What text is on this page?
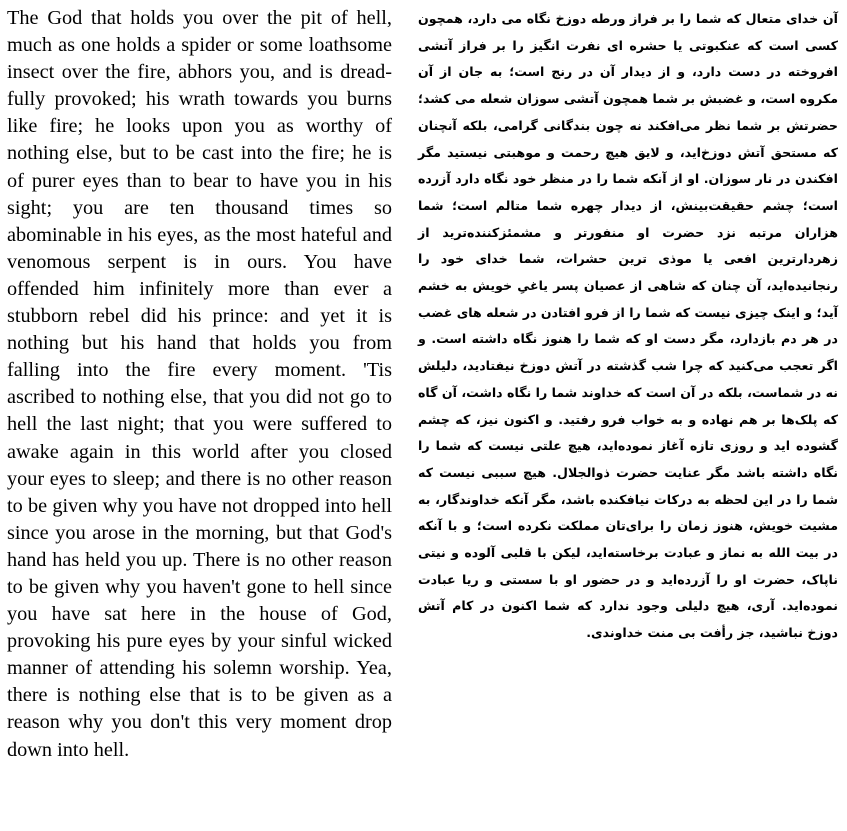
The God that holds you over the pit of hell, much as one holds a spider or some loathsome insect over the fire, abhors you, and is dread-fully provoked; his wrath towards you burns like fire; he looks upon you as worthy of nothing else, but to be cast into the fire; he is of purer eyes than to bear to have you in his sight; you are ten thousand times so abominable in his eyes, as the most hateful and venomous serpent is in ours. You have offended him infinitely more than ever a stubborn rebel did his prince: and yet it is nothing but his hand that holds you from falling into the fire every moment. 'Tis ascribed to nothing else, that you did not go to hell the last night; that you were suffered to awake again in this world after you closed your eyes to sleep; and there is no other reason to be given why you have not dropped into hell since you arose in the morning, but that God's hand has held you up. There is no other reason to be given why you haven't gone to hell since you have sat here in the house of God, provoking his pure eyes by your sinful wicked manner of attending his solemn worship. Yea, there is nothing else that is to be given as a reason why you don't this very moment drop down into hell.

آن خدای متعال که شما را بر فراز ورطه دوزخ نگاه می دارد، همچون کسی است که عنکبوتی یا حشره ای نفرت انگیز را بر فراز آتشی افروخته در دست دارد، و از دیدار آن در رنج است؛ به جان از آن مکروه است، و غضبش بر شما همچون آتشی سوزان شعله می کشد؛ حضرتش بر شما نظر می‌افکند نه چون بندگانی گرامی، بلکه آنچنان که مستحق آتش دوزخ‌اید، و لایق هیچ رحمت و موهبتی نیستید مگر افکندن در نار سوزان. او از آنکه شما را در منظر خود نگاه دارد آزرده است؛ چشم حقیقت‌بینش، از دیدار چهره شما متالم است؛ شما هزاران مرتبه نزد حضرت او منفورتر و مشمئزکننده‌ترید از زهردارترین افعی یا موذی ترین حشرات، شما خدای خود را رنجانیده‌اید، آن چنان که شاهی از عصیان پسر یاغیِ خویش به خشم آید؛ و اینک چیزی نیست که شما را از فرو افتادن در شعله های غضب در هر دم بازدارد، مگر دست او که شما را هنوز نگاه داشته است. و اگر تعجب می‌کنید که چرا شب گذشته در آتش دوزخ نیفتادید، دلیلش نه در شماست، بلکه در آن است که خداوند شما را نگاه داشت، آن گاه که پلک‌ها بر هم نهاده و به خواب فرو رفتید. و اکنون نیز، که چشم گشوده اید و روزی تازه آغاز نموده‌اید، هیچ علتی نیست که شما را نگاه داشته باشد مگر عنایت حضرت ذوالجلال. هیچ سببی نیست که شما را در این لحظه به درکات نیافکنده باشد، مگر آنکه خداوندگار، به مشیت خویش، هنوز زمان را برای‌تان مملکت نکرده است؛ و با آنکه در بیت الله به نماز و عبادت برخاسته‌اید، لیکن با قلبی آلوده و نیتی ناپاک، حضرت او را آزرده‌اید و در حضور او با سستی و ریا عبادت نموده‌اید. آری، هیچ دلیلی وجود ندارد که شما اکنون در کام آتش دوزخ نباشید، جز رأفت بی منت خداوندی.
